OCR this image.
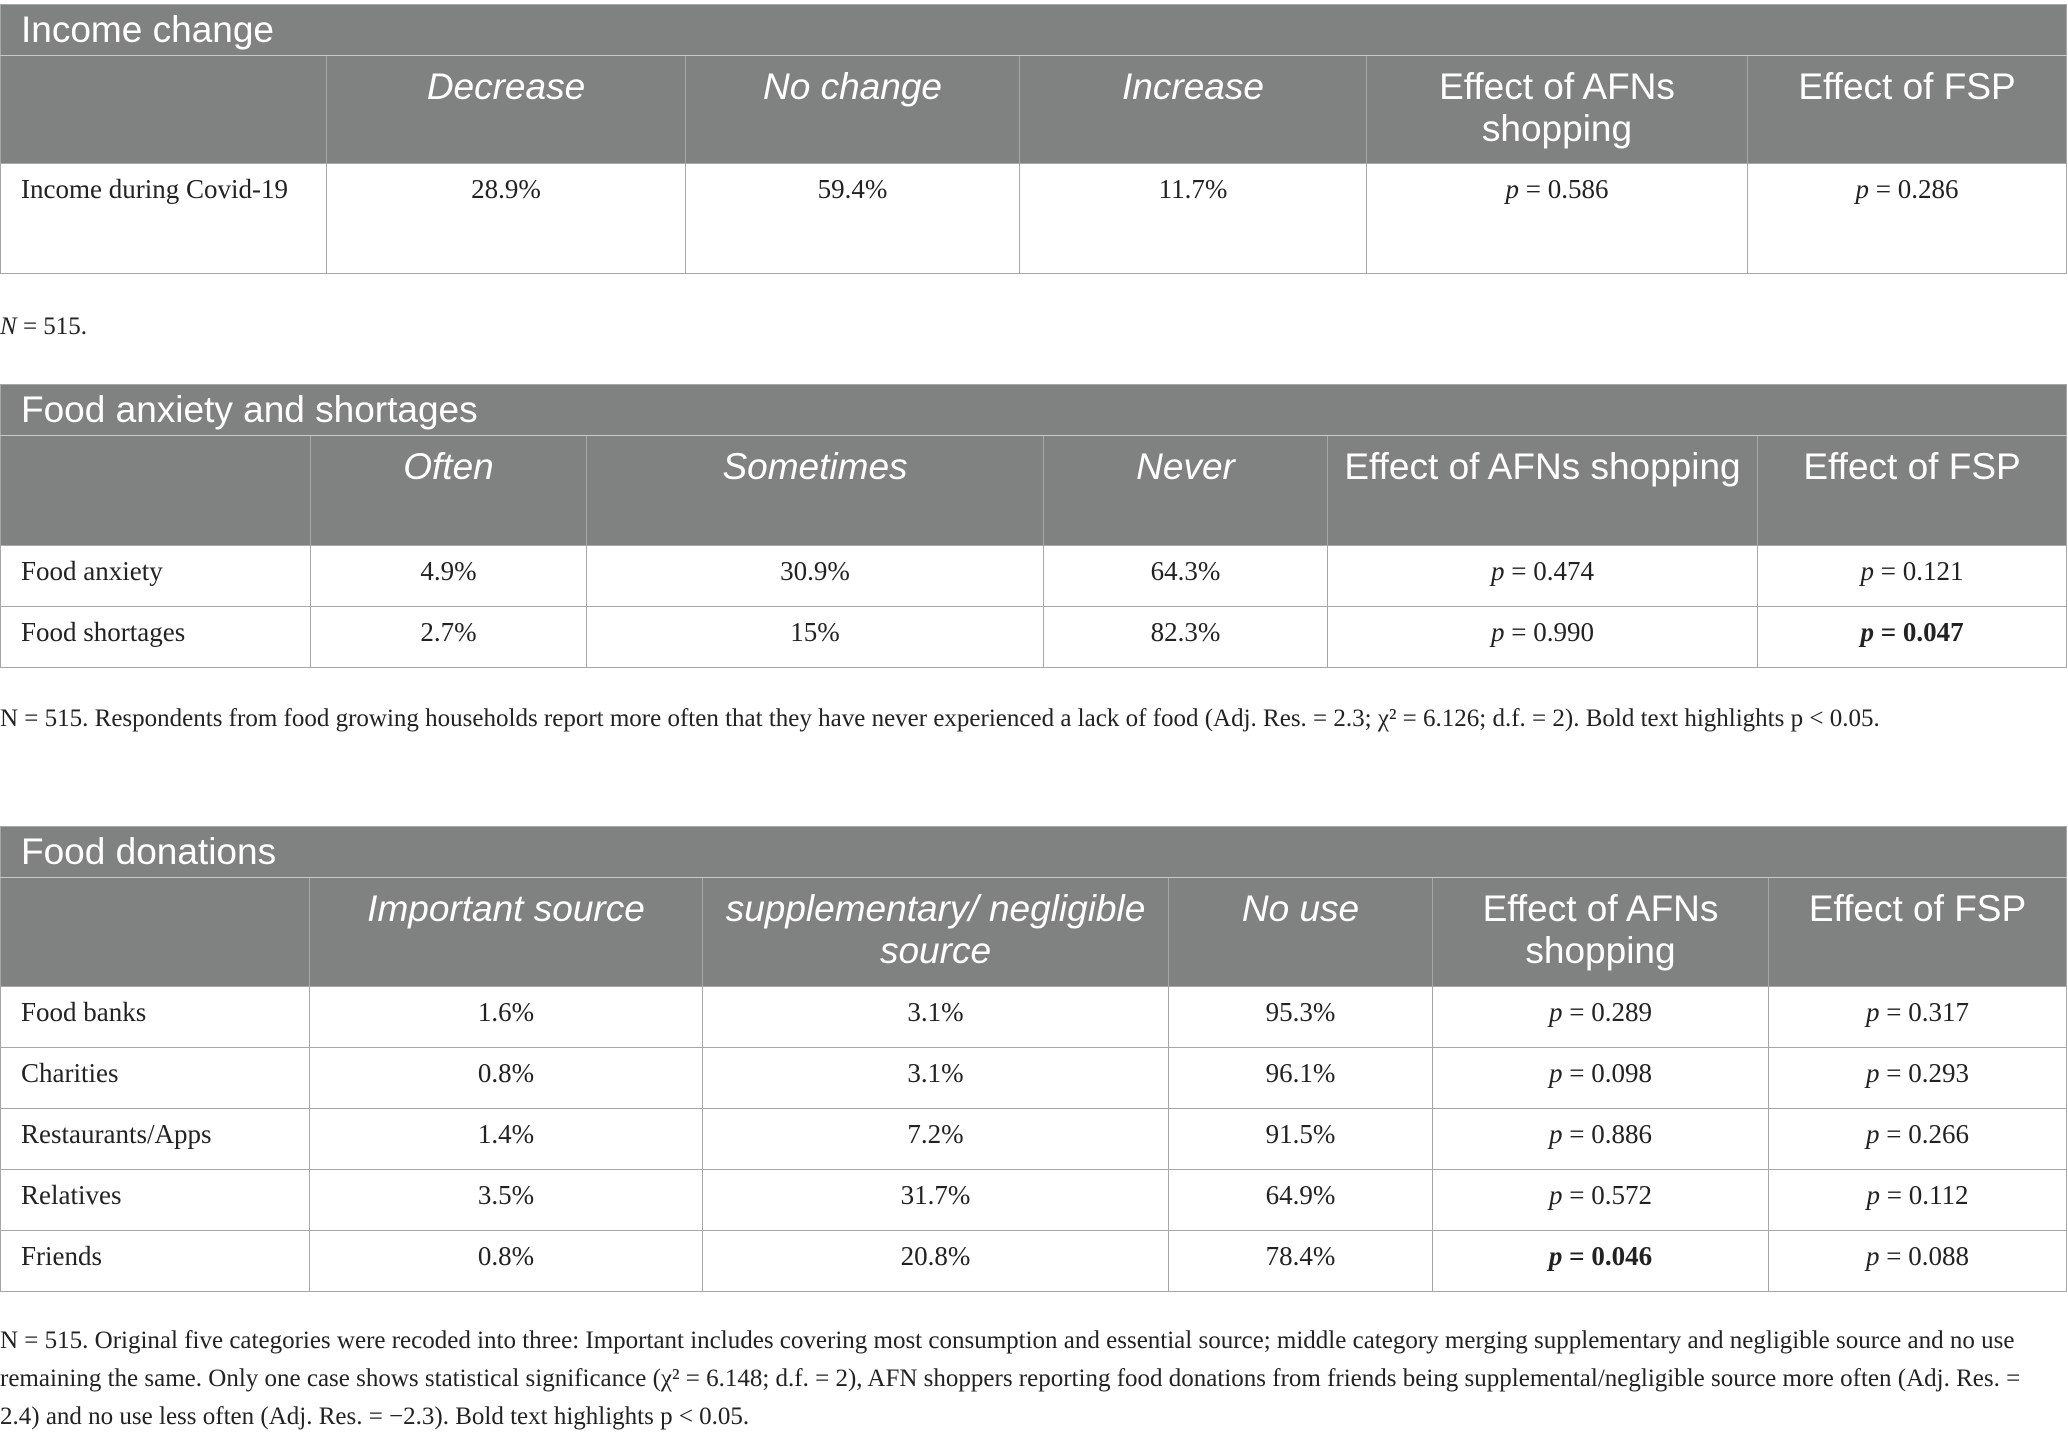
Income change					
	Decrease	No change	Increase	Effect of AFNs shopping	Effect of FSP
Income during Covid-19	28.9%	59.4%	11.7%	p = 0.586	p = 0.286
N = 515.
Food anxiety and shortages					
	Often	Sometimes	Never	Effect of AFNs shopping	Effect of FSP
Food anxiety	4.9%	30.9%	64.3%	p = 0.474	p = 0.121
Food shortages	2.7%	15%	82.3%	p = 0.990	p = 0.047
N = 515. Respondents from food growing households report more often that they have never experienced a lack of food (Adj. Res. = 2.3; χ² = 6.126; d.f. = 2). Bold text highlights p < 0.05.
Food donations					
	Important source	supplementary/ negligible source	No use	Effect of AFNs shopping	Effect of FSP
Food banks	1.6%	3.1%	95.3%	p = 0.289	p = 0.317
Charities	0.8%	3.1%	96.1%	p = 0.098	p = 0.293
Restaurants/Apps	1.4%	7.2%	91.5%	p = 0.886	p = 0.266
Relatives	3.5%	31.7%	64.9%	p = 0.572	p = 0.112
Friends	0.8%	20.8%	78.4%	p = 0.046	p = 0.088
N = 515. Original five categories were recoded into three: Important includes covering most consumption and essential source; middle category merging supplementary and negligible source and no use remaining the same. Only one case shows statistical significance (χ² = 6.148; d.f. = 2), AFN shoppers reporting food donations from friends being supplemental/negligible source more often (Adj. Res. = 2.4) and no use less often (Adj. Res. = −2.3). Bold text highlights p < 0.05.
